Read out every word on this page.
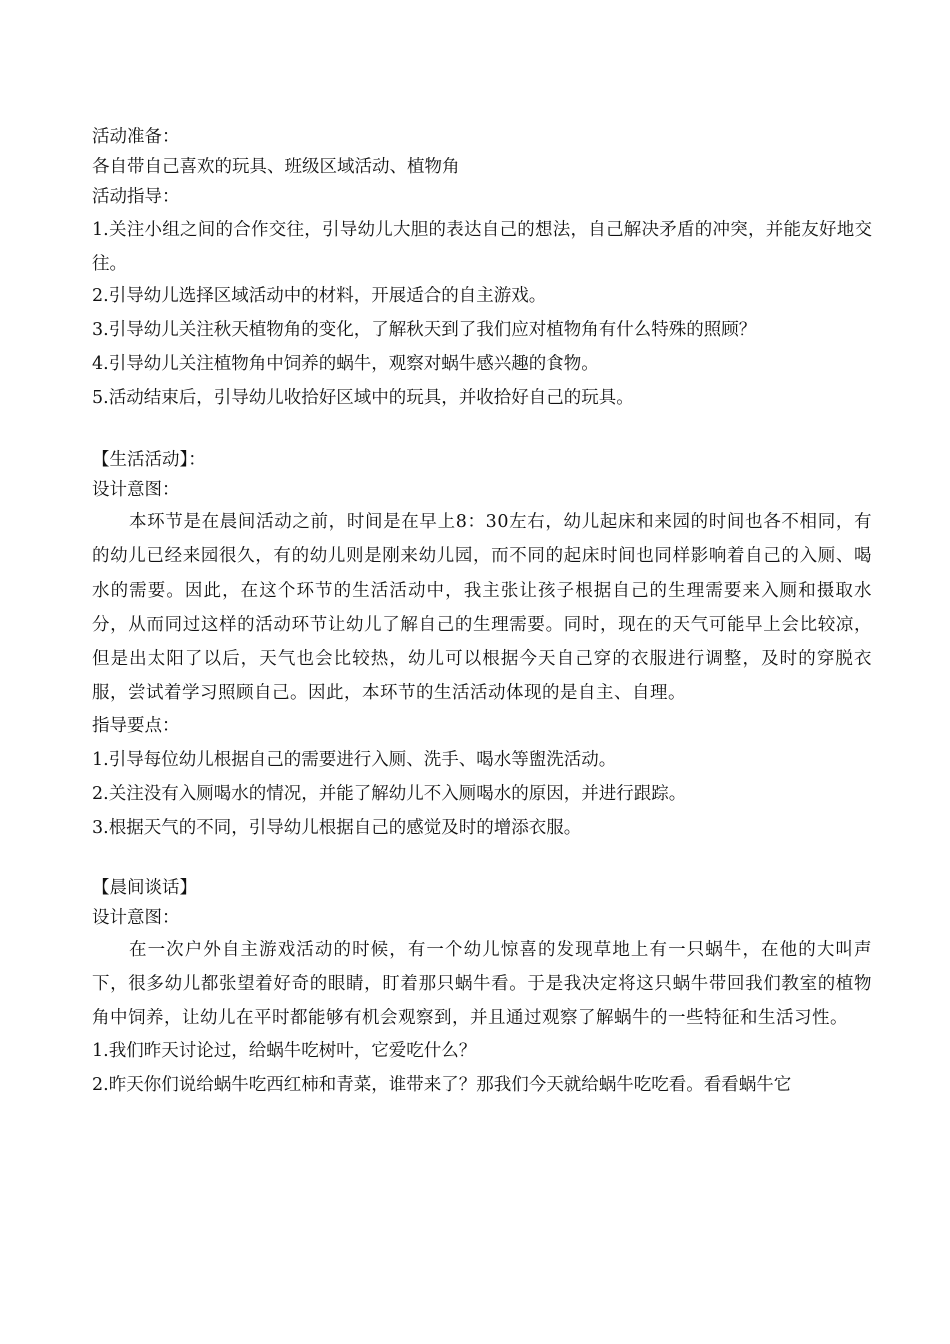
活动准备：
各自带自己喜欢的玩具、班级区域活动、植物角
活动指导：
1.关注小组之间的合作交往，引导幼儿大胆的表达自己的想法，自己解决矛盾的冲突，并能友好地交往。
2.引导幼儿选择区域活动中的材料，开展适合的自主游戏。
3.引导幼儿关注秋天植物角的变化，了解秋天到了我们应对植物角有什么特殊的照顾？
4.引导幼儿关注植物角中饲养的蜗牛，观察对蜗牛感兴趣的食物。
5.活动结束后，引导幼儿收拾好区域中的玩具，并收拾好自己的玩具。
【生活活动】：
设计意图：
本环节是在晨间活动之前，时间是在早上8：30左右，幼儿起床和来园的时间也各不相同，有的幼儿已经来园很久，有的幼儿则是刚来幼儿园，而不同的起床时间也同样影响着自己的入厕、喝水的需要。因此，在这个环节的生活活动中，我主张让孩子根据自己的生理需要来入厕和摄取水分，从而同过这样的活动环节让幼儿了解自己的生理需要。同时，现在的天气可能早上会比较凉，但是出太阳了以后，天气也会比较热，幼儿可以根据今天自己穿的衣服进行调整，及时的穿脱衣服，尝试着学习照顾自己。因此，本环节的生活活动体现的是自主、自理。
指导要点：
1.引导每位幼儿根据自己的需要进行入厕、洗手、喝水等盥洗活动。
2.关注没有入厕喝水的情况，并能了解幼儿不入厕喝水的原因，并进行跟踪。
3.根据天气的不同，引导幼儿根据自己的感觉及时的增添衣服。
【晨间谈话】
设计意图：
在一次户外自主游戏活动的时候，有一个幼儿惊喜的发现草地上有一只蜗牛，在他的大叫声下，很多幼儿都张望着好奇的眼睛，盯着那只蜗牛看。于是我决定将这只蜗牛带回我们教室的植物角中饲养，让幼儿在平时都能够有机会观察到，并且通过观察了解蜗牛的一些特征和生活习性。
1.我们昨天讨论过，给蜗牛吃树叶，它爱吃什么？
2.昨天你们说给蜗牛吃西红柿和青菜，谁带来了？那我们今天就给蜗牛吃吃看。看看蜗牛它
